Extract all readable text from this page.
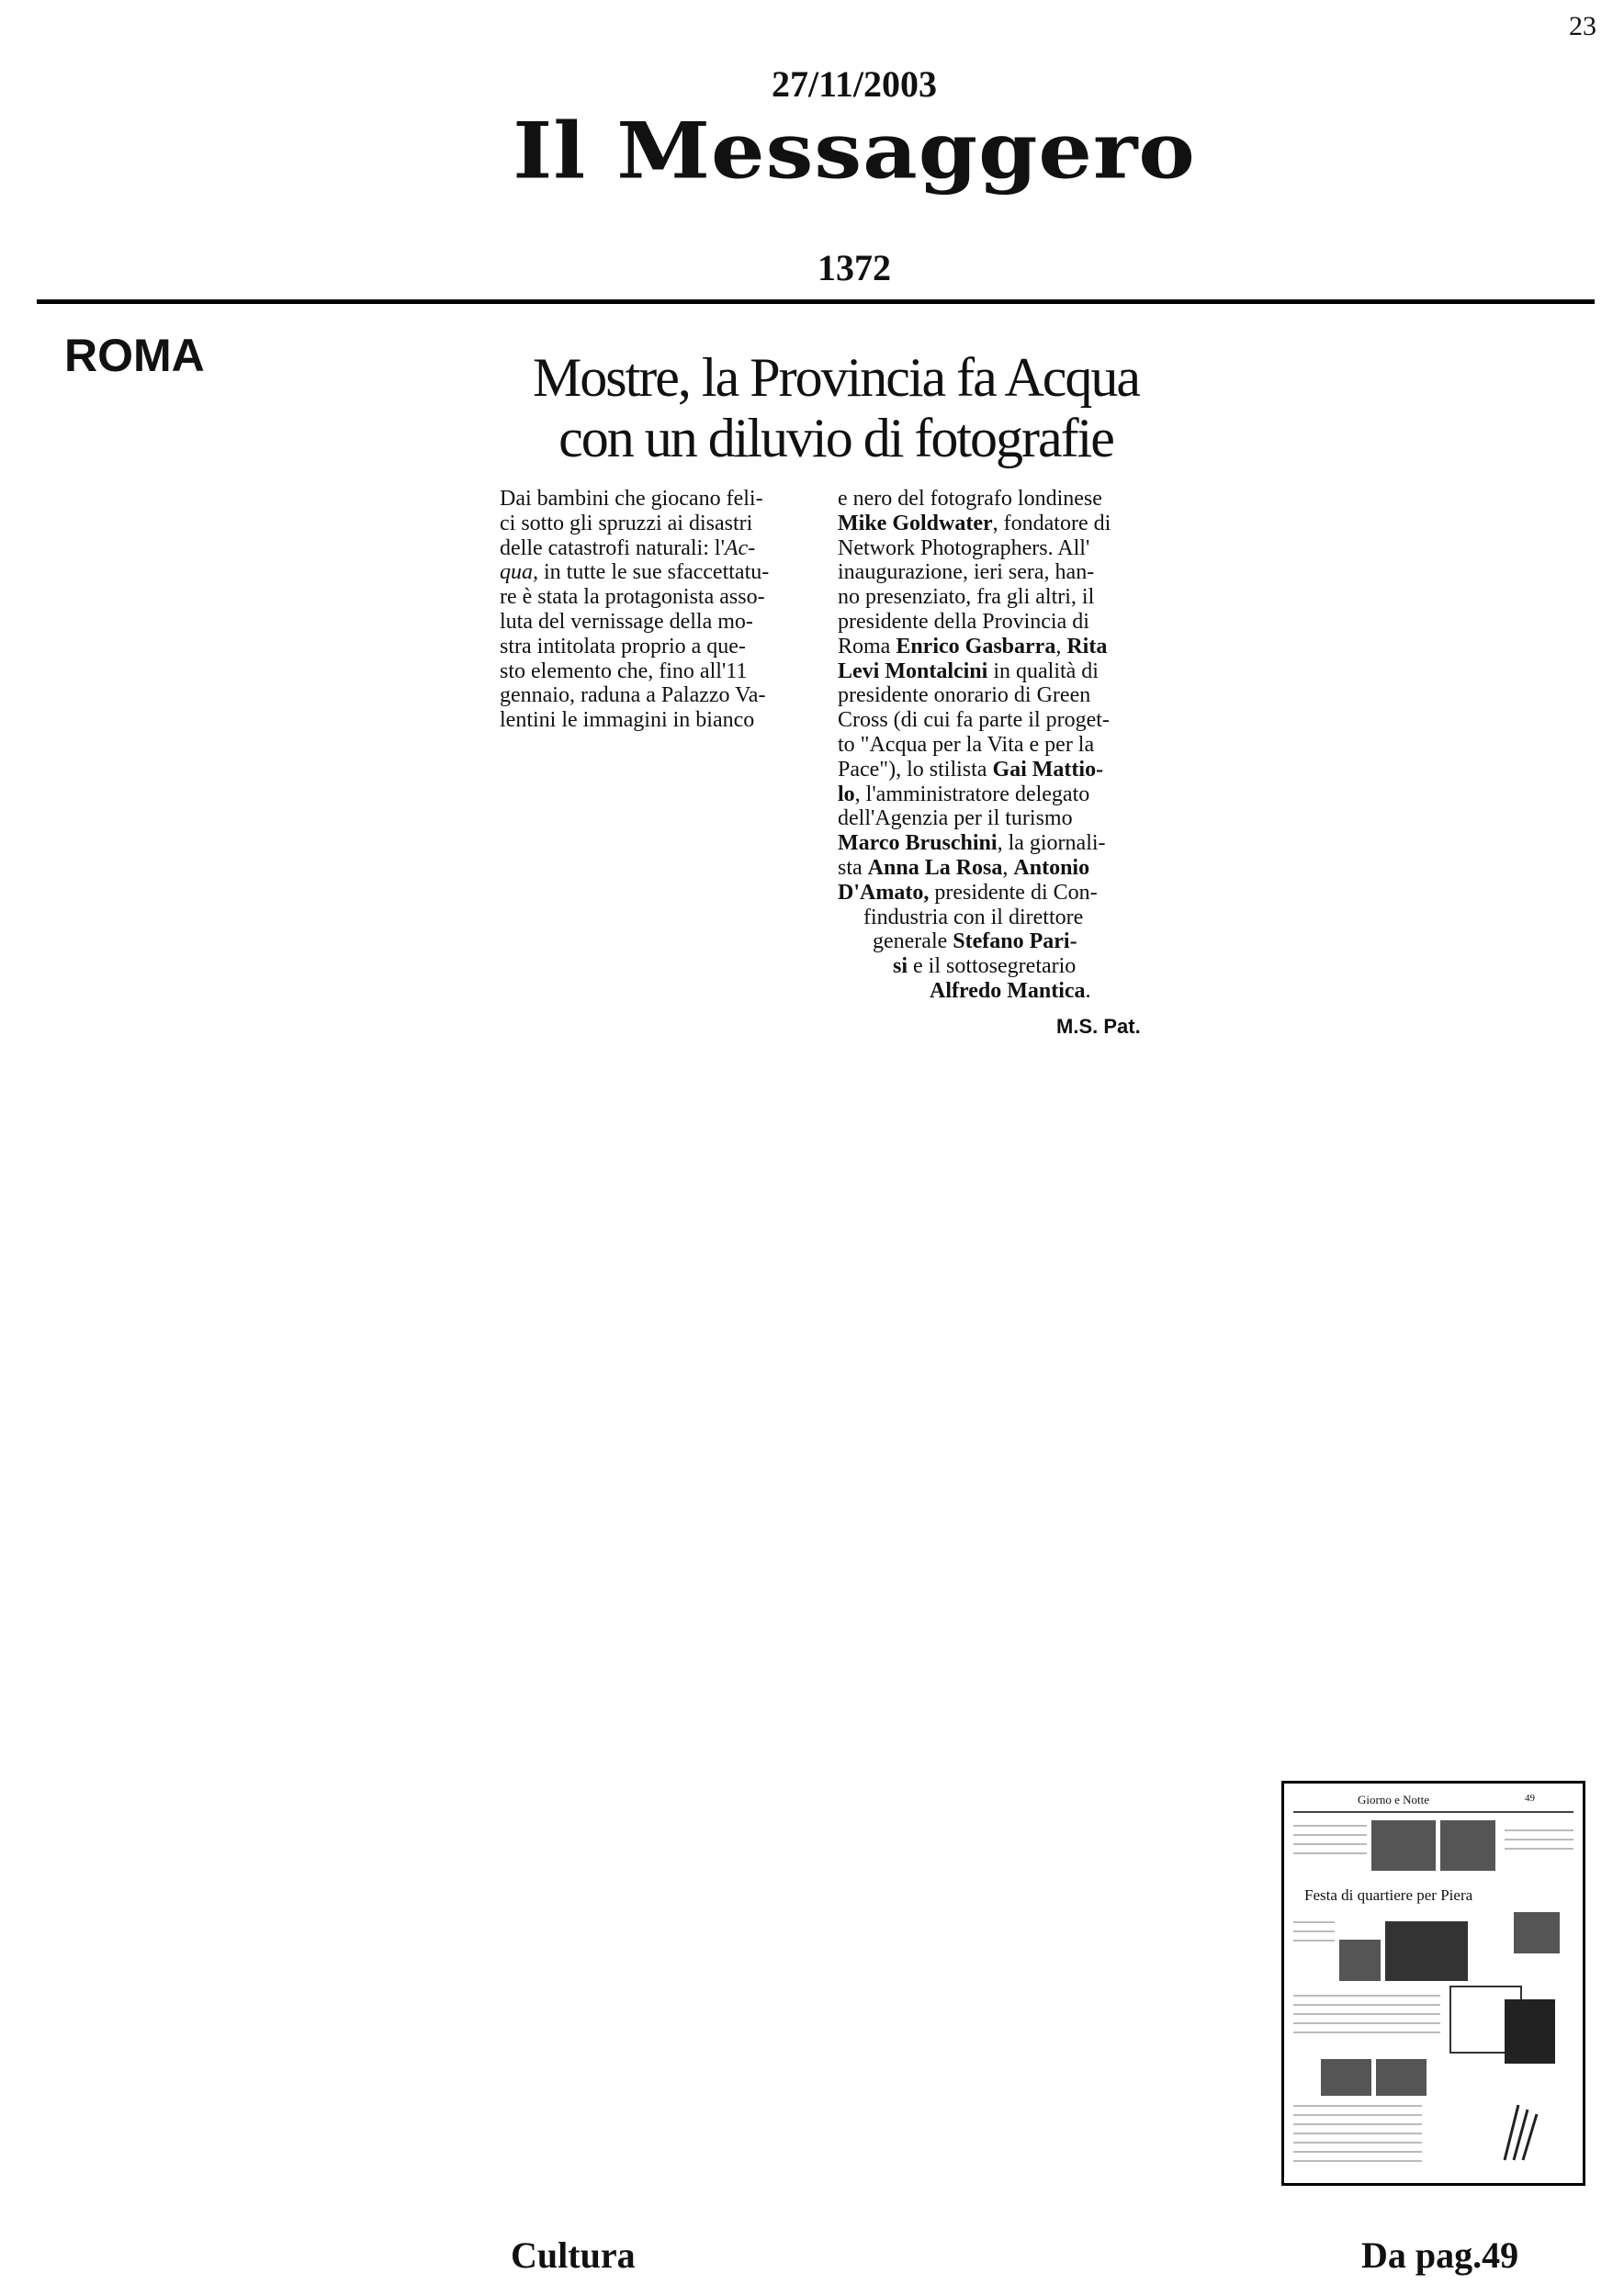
23
27/11/2003
Il Messaggero
1372
ROMA	Mostre, la Provincia fa Acqua
con un diluvio di fotografie

Dai bambini che giocano feli-

ci sotto gli spruzzi ai disastri

delle catastrofi naturali: l'Ac-

qua, in tutte le sue sfaccettatu-

re è stata la protagonista asso-

luta del vernissage della mo-

stra intitolata proprio a que-

sto elemento che, fino all'11

gennaio, raduna a Palazzo Va-

lentini le immagini in bianco

e nero del fotografo londinese

Mike Goldwater, fondatore di

Network Photographers. All'

inaugurazione, ieri sera, han-

no presenziato, fra gli altri, il

presidente della Provincia di

Roma Enrico Gasbarra, Rita

Levi Montalcini in qualità di

presidente onorario di Green

Cross (di cui fa parte il proget-

to "Acqua per la Vita e per la

Pace"), lo stilista Gai Mattio-

lo, l'amministratore delegato

dell'Agenzia per il turismo

Marco Bruschini, la giornali-

sta Anna La Rosa, Antonio

D'Amato, presidente di Con-

findustria con il direttore

generale Stefano Pari-

si e il sottosegretario

Alfredo Mantica.

M.S. Pat.
Giorno e Notte	49
Festa di quartiere per Piera
Cultura	Da pag.49
